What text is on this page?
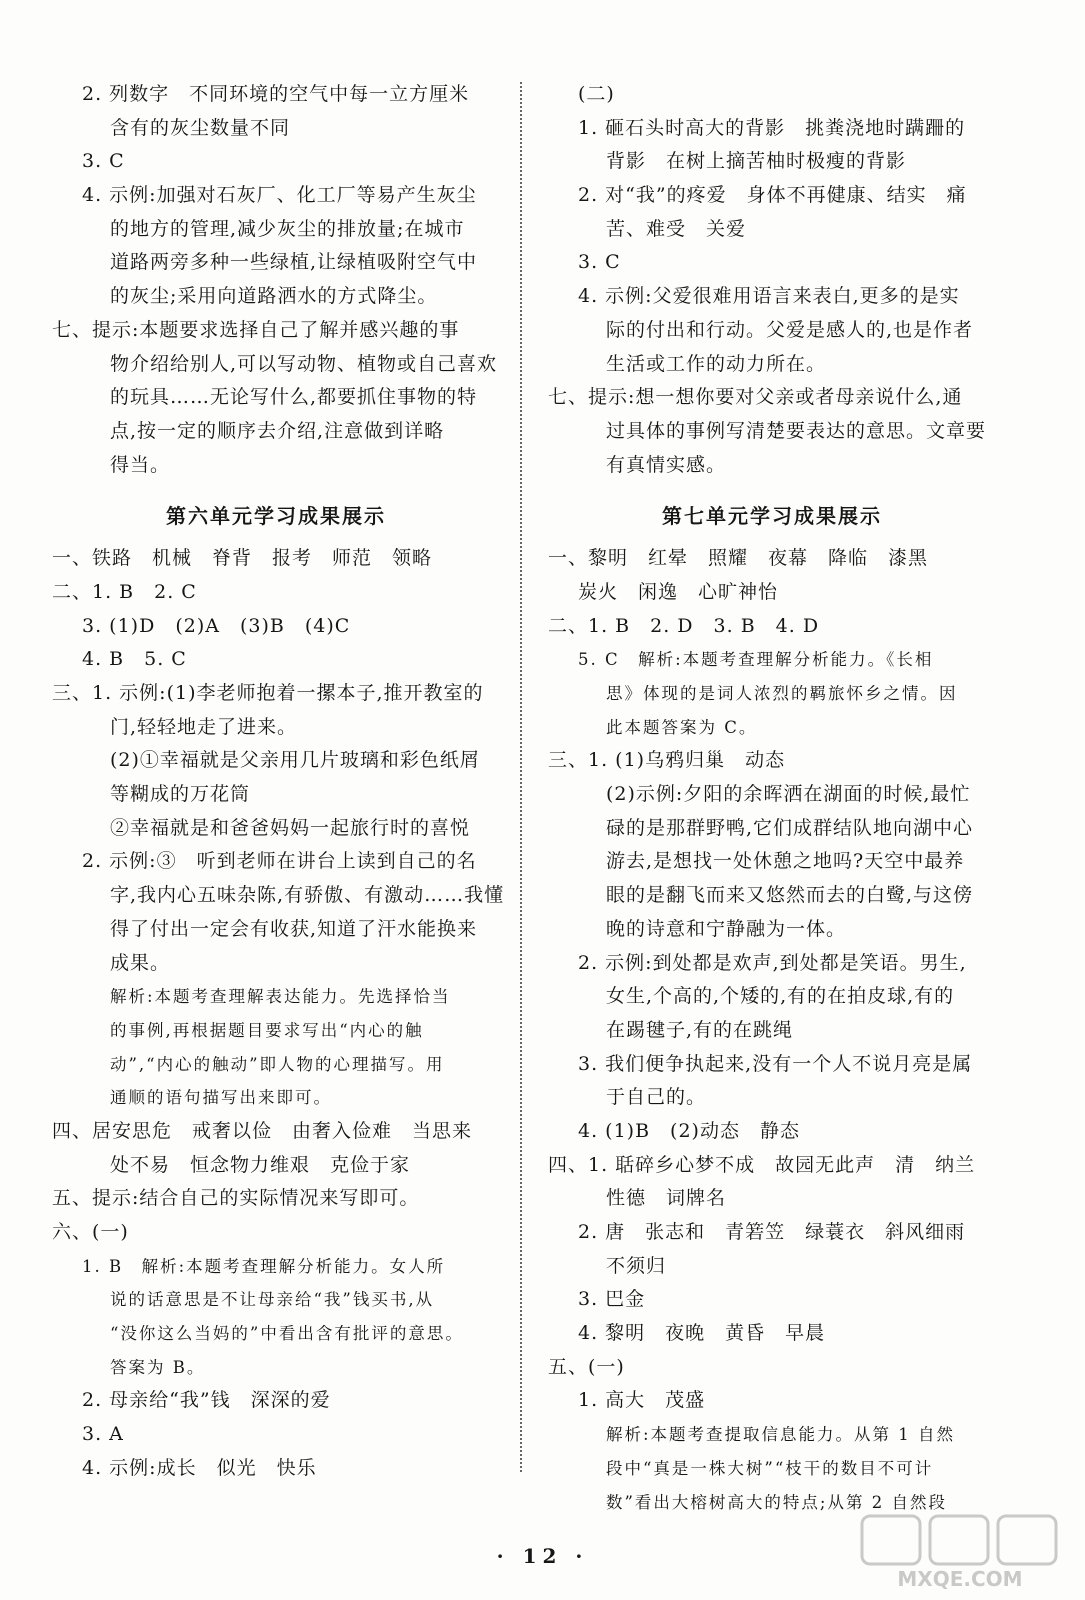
2. 列数字　不同环境的空气中每一立方厘米
含有的灰尘数量不同
3. C
4. 示例:加强对石灰厂、化工厂等易产生灰尘
的地方的管理,减少灰尘的排放量;在城市
道路两旁多种一些绿植,让绿植吸附空气中
的灰尘;采用向道路洒水的方式降尘。
七、提示:本题要求选择自己了解并感兴趣的事
物介绍给别人,可以写动物、植物或自己喜欢
的玩具……无论写什么,都要抓住事物的特
点,按一定的顺序去介绍,注意做到详略
得当。
第六单元学习成果展示
一、铁路　机械　脊背　报考　师范　领略
二、1. B　2. C
3. (1)D　(2)A　(3)B　(4)C
4. B　5. C
三、1. 示例:(1)李老师抱着一摞本子,推开教室的
门,轻轻地走了进来。
(2)①幸福就是父亲用几片玻璃和彩色纸屑
等糊成的万花筒
②幸福就是和爸爸妈妈一起旅行时的喜悦
2. 示例:③　听到老师在讲台上读到自己的名
字,我内心五味杂陈,有骄傲、有激动……我懂
得了付出一定会有收获,知道了汗水能换来
成果。
解析:本题考查理解表达能力。先选择恰当
的事例,再根据题目要求写出“内心的触
动”,“内心的触动”即人物的心理描写。用
通顺的语句描写出来即可。
四、居安思危　戒奢以俭　由奢入俭难　当思来
处不易　恒念物力维艰　克俭于家
五、提示:结合自己的实际情况来写即可。
六、(一)
1. B　解析:本题考查理解分析能力。女人所
说的话意思是不让母亲给“我”钱买书,从
“没你这么当妈的”中看出含有批评的意思。
答案为 B。
2. 母亲给“我”钱　深深的爱
3. A
4. 示例:成长　似光　快乐
(二)
1. 砸石头时高大的背影　挑粪浇地时蹒跚的
背影　在树上摘苦柚时极瘦的背影
2. 对“我”的疼爱　身体不再健康、结实　痛
苦、难受　关爱
3. C
4. 示例:父爱很难用语言来表白,更多的是实
际的付出和行动。父爱是感人的,也是作者
生活或工作的动力所在。
七、提示:想一想你要对父亲或者母亲说什么,通
过具体的事例写清楚要表达的意思。文章要
有真情实感。
第七单元学习成果展示
一、黎明　红晕　照耀　夜幕　降临　漆黑
炭火　闲逸　心旷神怡
二、1. B　2. D　3. B　4. D
5. C　解析:本题考查理解分析能力。《长相
思》体现的是词人浓烈的羁旅怀乡之情。因
此本题答案为 C。
三、1. (1)乌鸦归巢　动态
(2)示例:夕阳的余晖洒在湖面的时候,最忙
碌的是那群野鸭,它们成群结队地向湖中心
游去,是想找一处休憩之地吗?天空中最养
眼的是翻飞而来又悠然而去的白鹭,与这傍
晚的诗意和宁静融为一体。
2. 示例:到处都是欢声,到处都是笑语。男生,
女生,个高的,个矮的,有的在拍皮球,有的
在踢毽子,有的在跳绳
3. 我们便争执起来,没有一个人不说月亮是属
于自己的。
4. (1)B　(2)动态　静态
四、1. 聒碎乡心梦不成　故园无此声　清　纳兰
性德　词牌名
2. 唐　张志和　青箬笠　绿蓑衣　斜风细雨
不须归
3. 巴金
4. 黎明　夜晚　黄昏　早晨
五、(一)
1. 高大　茂盛
解析:本题考查提取信息能力。从第 1 自然
段中“真是一株大树”“枝干的数目不可计
数”看出大榕树高大的特点;从第 2 自然段
· 12 ·
MXQE.COM
